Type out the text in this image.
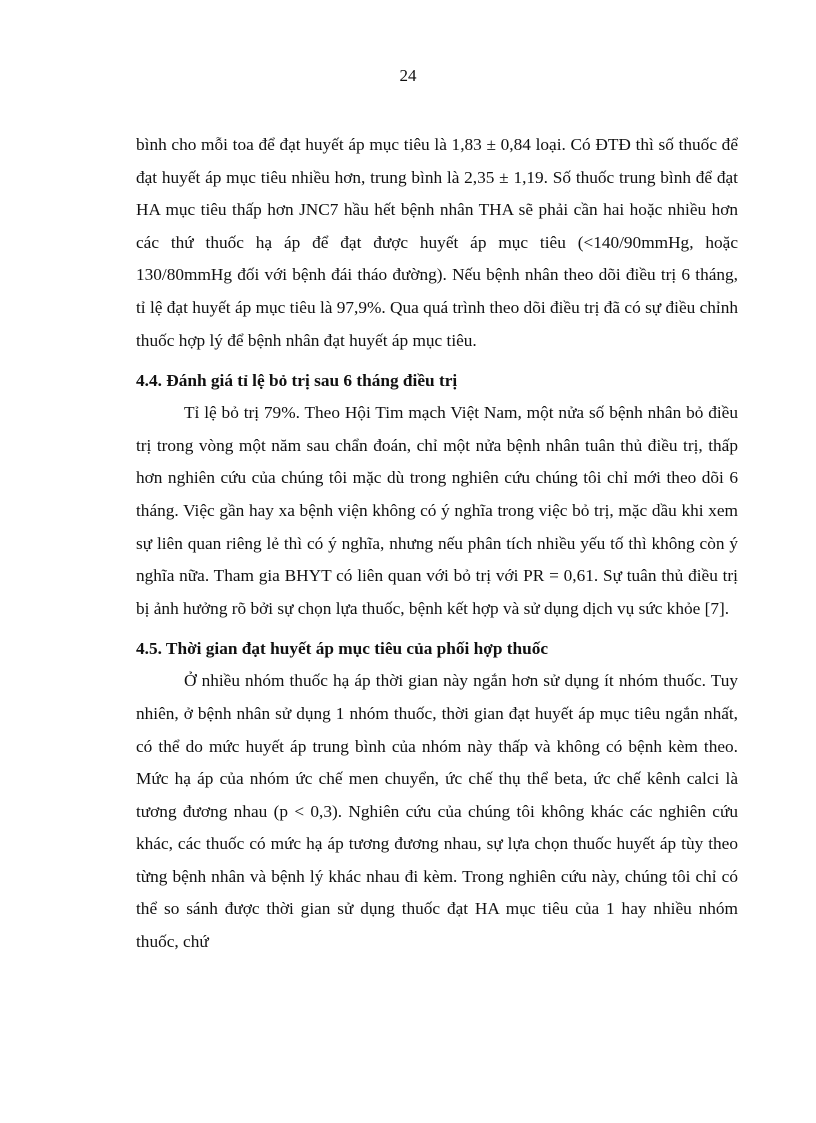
24

bình cho mỗi toa để đạt huyết áp mục tiêu là 1,83 ± 0,84 loại. Có ĐTĐ thì số thuốc để đạt huyết áp mục tiêu nhiều hơn, trung bình là 2,35 ± 1,19. Số thuốc trung bình để đạt HA mục tiêu thấp hơn JNC7 hầu hết bệnh nhân THA sẽ phải cần hai hoặc nhiều hơn các thứ thuốc hạ áp để đạt được huyết áp mục tiêu (<140/90mmHg, hoặc 130/80mmHg đối với bệnh đái tháo đường). Nếu bệnh nhân theo dõi điều trị 6 tháng, tỉ lệ đạt huyết áp mục tiêu là 97,9%. Qua quá trình theo dõi điều trị đã có sự điều chỉnh thuốc hợp lý để bệnh nhân đạt huyết áp mục tiêu.

4.4. Đánh giá tỉ lệ bỏ trị sau 6 tháng điều trị

Tỉ lệ bỏ trị 79%. Theo Hội Tim mạch Việt Nam, một nửa số bệnh nhân bỏ điều trị trong vòng một năm sau chẩn đoán, chỉ một nửa bệnh nhân tuân thủ điều trị, thấp hơn nghiên cứu của chúng tôi mặc dù trong nghiên cứu chúng tôi chỉ mới theo dõi 6 tháng. Việc gần hay xa bệnh viện không có ý nghĩa trong việc bỏ trị, mặc dầu khi xem sự liên quan riêng lẻ thì có ý nghĩa, nhưng nếu phân tích nhiều yếu tố thì không còn ý nghĩa nữa. Tham gia BHYT có liên quan với bỏ trị với PR = 0,61. Sự tuân thủ điều trị bị ảnh hưởng rõ bởi sự chọn lựa thuốc, bệnh kết hợp và sử dụng dịch vụ sức khỏe [7].

4.5. Thời gian đạt huyết áp mục tiêu của phối hợp thuốc

Ở nhiều nhóm thuốc hạ áp thời gian này ngắn hơn sử dụng ít nhóm thuốc. Tuy nhiên, ở bệnh nhân sử dụng 1 nhóm thuốc, thời gian đạt huyết áp mục tiêu ngắn nhất, có thể do mức huyết áp trung bình của nhóm này thấp và không có bệnh kèm theo. Mức hạ áp của nhóm ức chế men chuyển, ức chế thụ thể beta, ức chế kênh calci là tương đương nhau (p < 0,3). Nghiên cứu của chúng tôi không khác các nghiên cứu khác, các thuốc có mức hạ áp tương đương nhau, sự lựa chọn thuốc huyết áp tùy theo từng bệnh nhân và bệnh lý khác nhau đi kèm. Trong nghiên cứu này, chúng tôi chỉ có thể so sánh được thời gian sử dụng thuốc đạt HA mục tiêu của 1 hay nhiều nhóm thuốc, chứ
